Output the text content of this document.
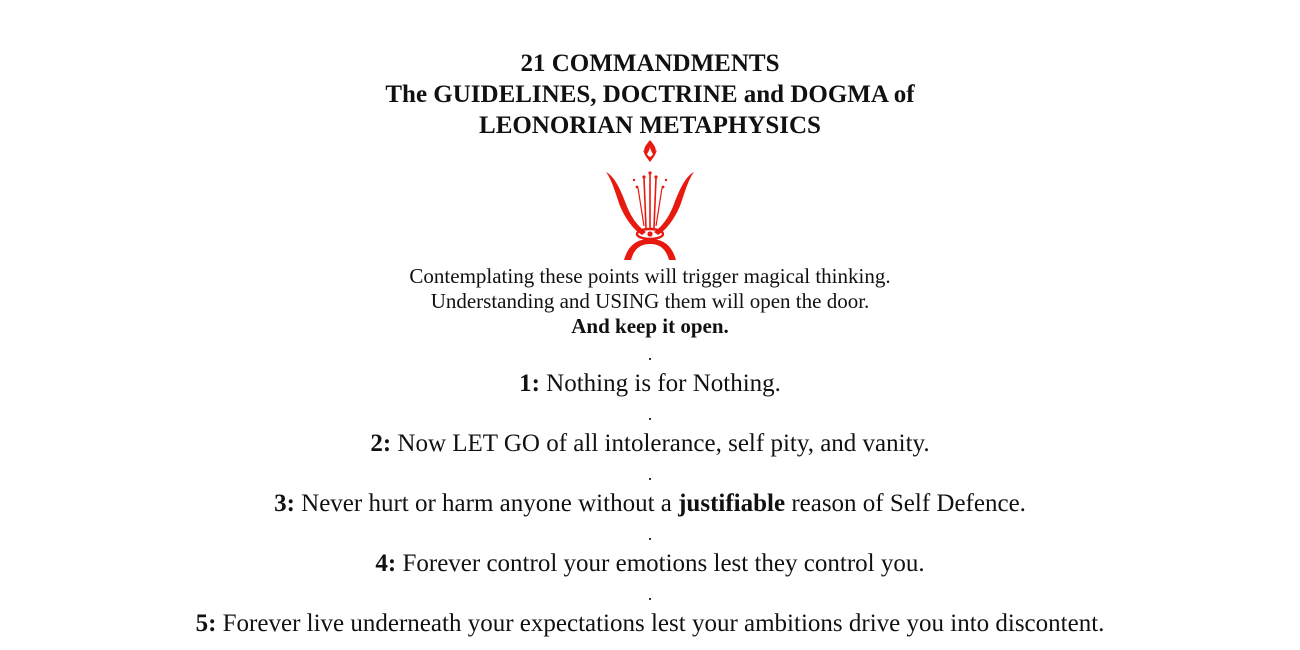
21 COMMANDMENTS
The GUIDELINES, DOCTRINE and DOGMA of
LEONORIAN METAPHYSICS
Contemplating these points will trigger magical thinking.
Understanding and USING them will open the door.
And keep it open.
.
1: Nothing is for Nothing.
.
2: Now LET GO of all intolerance, self pity, and vanity.
.
3: Never hurt or harm anyone without a justifiable reason of Self Defence.
.
4: Forever control your emotions lest they control you.
.
5: Forever live underneath your expectations lest your ambitions drive you into discontent.
